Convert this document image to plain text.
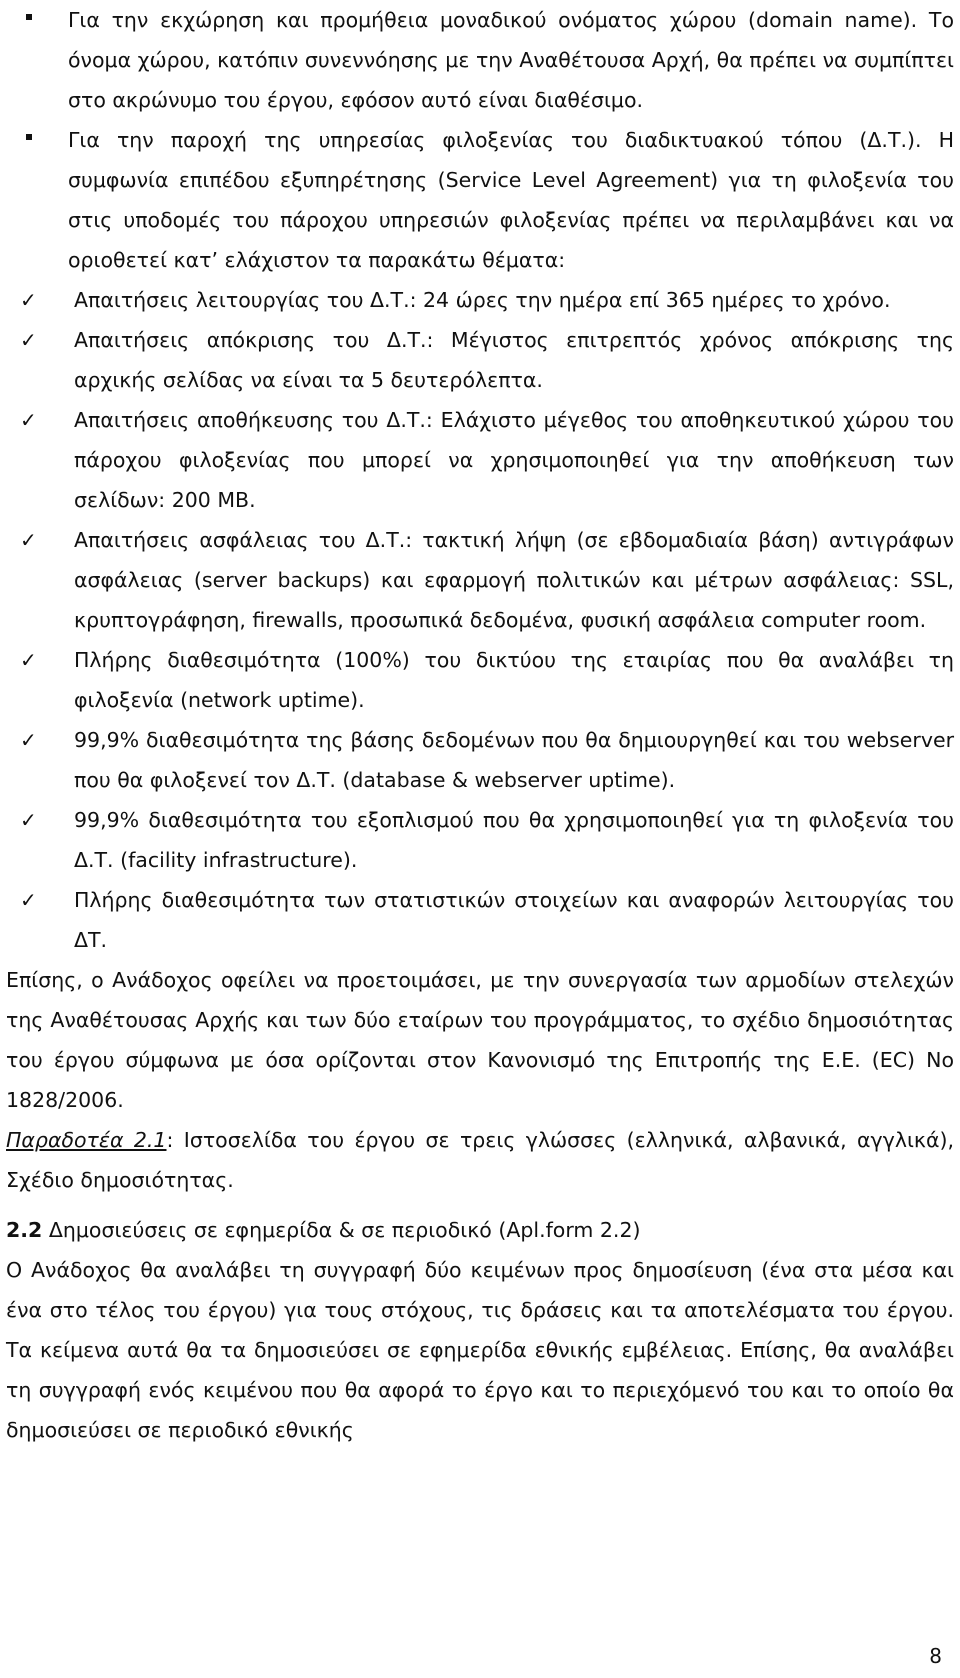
Για την εκχώρηση και προμήθεια μοναδικού ονόματος χώρου (domain name). Το όνομα χώρου, κατόπιν συνεννόησης με την Αναθέτουσα Αρχή, θα πρέπει να συμπίπτει στο ακρώνυμο του έργου, εφόσον αυτό είναι διαθέσιμο.

Για την παροχή της υπηρεσίας φιλοξενίας του διαδικτυακού τόπου (Δ.Τ.). Η συμφωνία επιπέδου εξυπηρέτησης (Service Level Agreement) για τη φιλοξενία του στις υποδομές του πάροχου υπηρεσιών φιλοξενίας πρέπει να περιλαμβάνει και να οριοθετεί κατ’ ελάχιστον τα παρακάτω θέματα:

✓ Απαιτήσεις λειτουργίας του Δ.Τ.: 24 ώρες την ημέρα επί 365 ημέρες το χρόνο.

✓ Απαιτήσεις απόκρισης του Δ.Τ.: Μέγιστος επιτρεπτός χρόνος απόκρισης της αρχικής σελίδας να είναι τα 5 δευτερόλεπτα.

✓ Απαιτήσεις αποθήκευσης του Δ.Τ.: Ελάχιστο μέγεθος του αποθηκευτικού χώρου του πάροχου φιλοξενίας που μπορεί να χρησιμοποιηθεί για την αποθήκευση των σελίδων: 200 MB.

✓ Απαιτήσεις ασφάλειας του Δ.Τ.: τακτική λήψη (σε εβδομαδιαία βάση) αντιγράφων ασφάλειας (server backups) και εφαρμογή πολιτικών και μέτρων ασφάλειας: SSL, κρυπτογράφηση, firewalls, προσωπικά δεδομένα, φυσική ασφάλεια computer room.

✓ Πλήρης διαθεσιμότητα (100%) του δικτύου της εταιρίας που θα αναλάβει τη φιλοξενία (network uptime).

✓ 99,9% διαθεσιμότητα της βάσης δεδομένων που θα δημιουργηθεί και του webserver που θα φιλοξενεί τον Δ.Τ. (database & webserver uptime).

✓ 99,9% διαθεσιμότητα του εξοπλισμού που θα χρησιμοποιηθεί για τη φιλοξενία του Δ.Τ. (facility infrastructure).

✓ Πλήρης διαθεσιμότητα των στατιστικών στοιχείων και αναφορών λειτουργίας του ΔΤ.

Επίσης, ο Ανάδοχος οφείλει να προετοιμάσει, με την συνεργασία των αρμοδίων στελεχών της Αναθέτουσας Αρχής και των δύο εταίρων του προγράμματος, το σχέδιο δημοσιότητας του έργου σύμφωνα με όσα ορίζονται στον Κανονισμό της Επιτροπής της Ε.Ε. (EC) No 1828/2006.

Παραδοτέα 2.1: Ιστοσελίδα του έργου σε τρεις γλώσσες (ελληνικά, αλβανικά, αγγλικά), Σχέδιο δημοσιότητας.

2.2 Δημοσιεύσεις σε εφημερίδα & σε περιοδικό (Apl.form 2.2)

Ο Ανάδοχος θα αναλάβει τη συγγραφή δύο κειμένων προς δημοσίευση (ένα στα μέσα και ένα στο τέλος του έργου) για τους στόχους, τις δράσεις και τα αποτελέσματα του έργου. Τα κείμενα αυτά θα τα δημοσιεύσει σε εφημερίδα εθνικής εμβέλειας. Επίσης, θα αναλάβει τη συγγραφή ενός κειμένου που θα αφορά το έργο και το περιεχόμενό του και το οποίο θα δημοσιεύσει σε περιοδικό εθνικής

8
